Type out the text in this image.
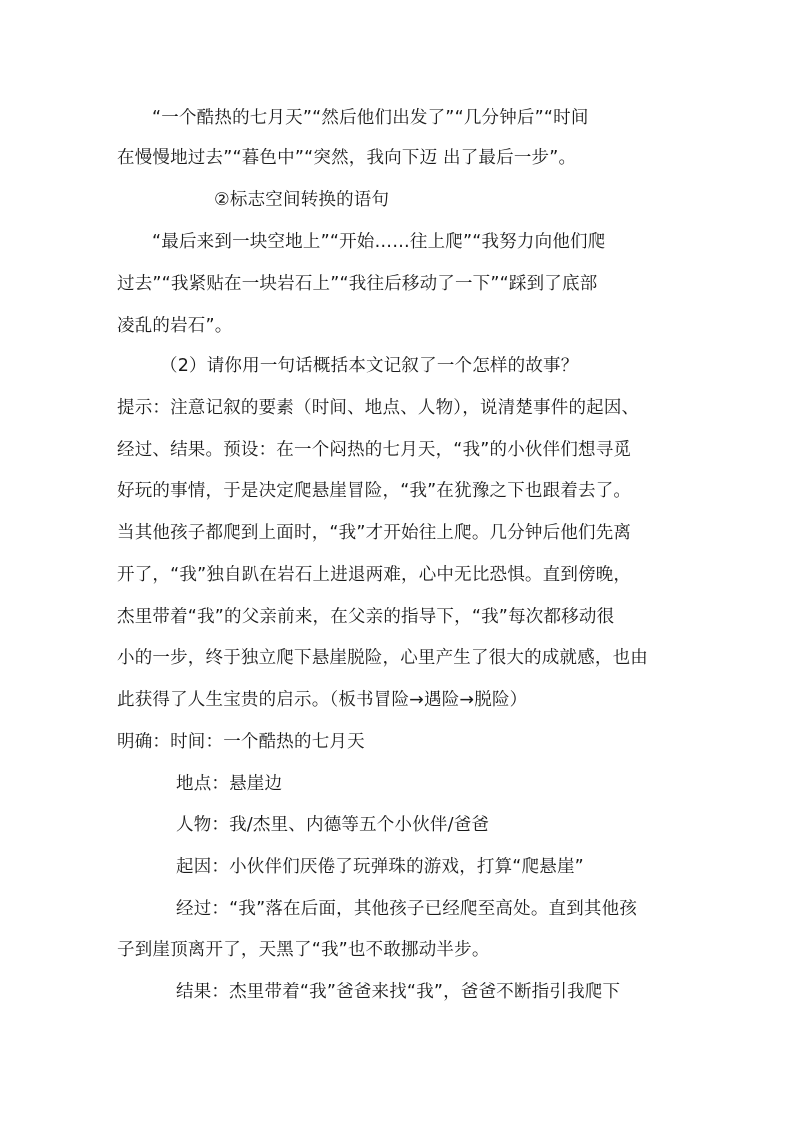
“一个酷热的七月天”“然后他们出发了”“几分钟后”“时间
在慢慢地过去”“暮色中”“突然，我向下迈 出了最后一步”。
②标志空间转换的语句
“最后来到一块空地上”“开始……往上爬”“我努力向他们爬
过去”“我紧贴在一块岩石上”“我往后移动了一下”“踩到了底部
凌乱的岩石”。
（2）请你用一句话概括本文记叙了一个怎样的故事？
提示：注意记叙的要素（时间、地点、人物），说清楚事件的起因、
经过、结果。预设：在一个闷热的七月天，“我”的小伙伴们想寻觅
好玩的事情，于是决定爬悬崖冒险，“我”在犹豫之下也跟着去了。
当其他孩子都爬到上面时，“我”才开始往上爬。几分钟后他们先离
开了，“我”独自趴在岩石上进退两难，心中无比恐惧。直到傍晚，
杰里带着“我”的父亲前来，在父亲的指导下，“我”每次都移动很
小的一步，终于独立爬下悬崖脱险，心里产生了很大的成就感，也由
此获得了人生宝贵的启示。（板书冒险→遇险→脱险）
明确：时间：一个酷热的七月天
地点：悬崖边
人物：我/杰里、内德等五个小伙伴/爸爸
起因：小伙伴们厌倦了玩弹珠的游戏，打算“爬悬崖”
经过：“我”落在后面，其他孩子已经爬至高处。直到其他孩
子到崖顶离开了，天黑了“我”也不敢挪动半步。
结果：杰里带着“我”爸爸来找“我”，爸爸不断指引我爬下
